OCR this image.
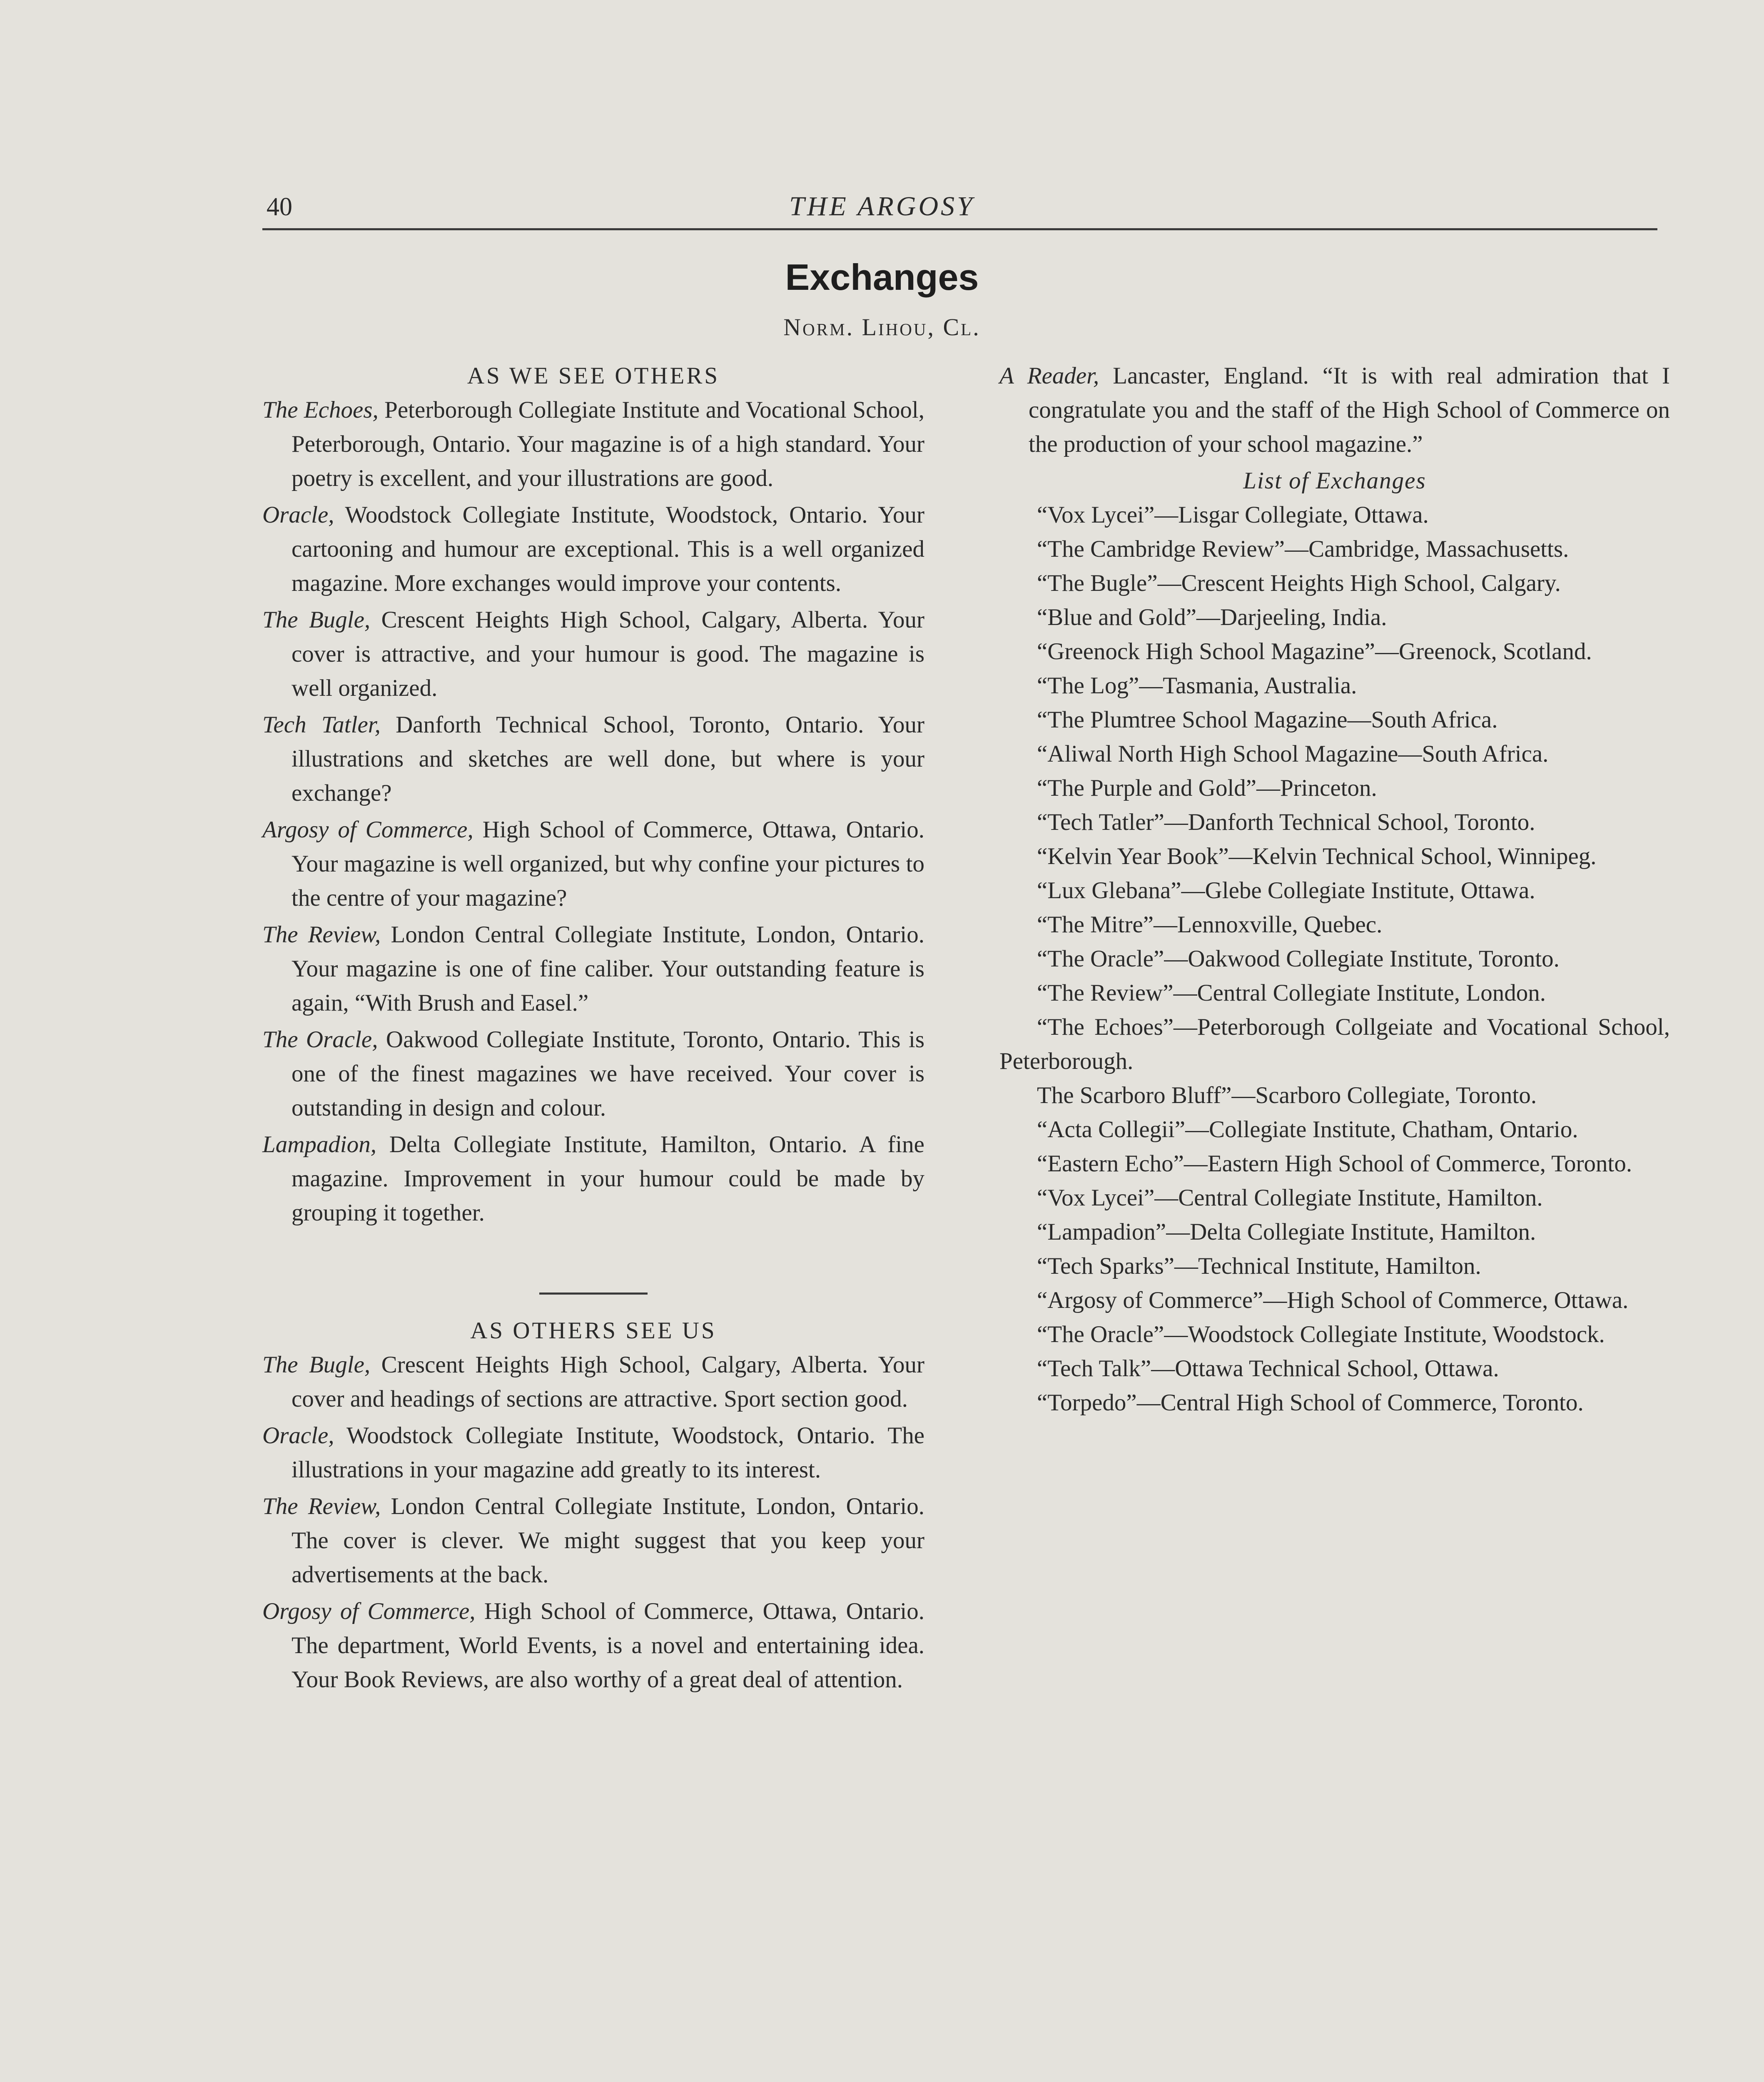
40	THE ARGOSY
Exchanges
Norm. Lihou, Cl.

AS WE SEE OTHERS

The Echoes, Peterborough Collegiate Institute and Vocational School, Peterborough, Ontario. Your magazine is of a high standard. Your poetry is excellent, and your illustrations are good.

Oracle, Woodstock Collegiate Institute, Woodstock, Ontario. Your cartooning and humour are exceptional. This is a well organized magazine. More exchanges would improve your contents.

The Bugle, Crescent Heights High School, Calgary, Alberta. Your cover is attractive, and your humour is good. The magazine is well organized.

Tech Tatler, Danforth Technical School, Toronto, Ontario. Your illustrations and sketches are well done, but where is your exchange?

Argosy of Commerce, High School of Commerce, Ottawa, Ontario. Your magazine is well organized, but why confine your pictures to the centre of your magazine?

The Review, London Central Collegiate Institute, London, Ontario. Your magazine is one of fine caliber. Your outstanding feature is again, “With Brush and Easel.”

The Oracle, Oakwood Collegiate Institute, Toronto, Ontario. This is one of the finest magazines we have received. Your cover is outstanding in design and colour.

Lampadion, Delta Collegiate Institute, Hamilton, Ontario. A fine magazine. Improvement in your humour could be made by grouping it together.

AS OTHERS SEE US

The Bugle, Crescent Heights High School, Calgary, Alberta. Your cover and headings of sections are attractive. Sport section good.

Oracle, Woodstock Collegiate Institute, Woodstock, Ontario. The illustrations in your magazine add greatly to its interest.

The Review, London Central Collegiate Institute, London, Ontario. The cover is clever. We might suggest that you keep your advertisements at the back.

Orgosy of Commerce, High School of Commerce, Ottawa, Ontario. The department, World Events, is a novel and entertaining idea. Your Book Reviews, are also worthy of a great deal of attention.

A Reader, Lancaster, England. “It is with real admiration that I congratulate you and the staff of the High School of Commerce on the production of your school magazine.”

List of Exchanges

“Vox Lycei”—Lisgar Collegiate, Ottawa.

“The Cambridge Review”—Cambridge, Massachusetts.

“The Bugle”—Crescent Heights High School, Calgary.

“Blue and Gold”—Darjeeling, India.

“Greenock High School Magazine”—Greenock, Scotland.

“The Log”—Tasmania, Australia.

“The Plumtree School Magazine—South Africa.

“Aliwal North High School Magazine—South Africa.

“The Purple and Gold”—Princeton.

“Tech Tatler”—Danforth Technical School, Toronto.

“Kelvin Year Book”—Kelvin Technical School, Winnipeg.

“Lux Glebana”—Glebe Collegiate Institute, Ottawa.

“The Mitre”—Lennoxville, Quebec.

“The Oracle”—Oakwood Collegiate Institute, Toronto.

“The Review”—Central Collegiate Institute, London.

“The Echoes”—Peterborough Collgeiate and Vocational School, Peterborough.

The Scarboro Bluff”—Scarboro Collegiate, Toronto.

“Acta Collegii”—Collegiate Institute, Chatham, Ontario.

“Eastern Echo”—Eastern High School of Commerce, Toronto.

“Vox Lycei”—Central Collegiate Institute, Hamilton.

“Lampadion”—Delta Collegiate Institute, Hamilton.

“Tech Sparks”—Technical Institute, Hamilton.

“Argosy of Commerce”—High School of Commerce, Ottawa.

“The Oracle”—Woodstock Collegiate Institute, Woodstock.

“Tech Talk”—Ottawa Technical School, Ottawa.

“Torpedo”—Central High School of Commerce, Toronto.
